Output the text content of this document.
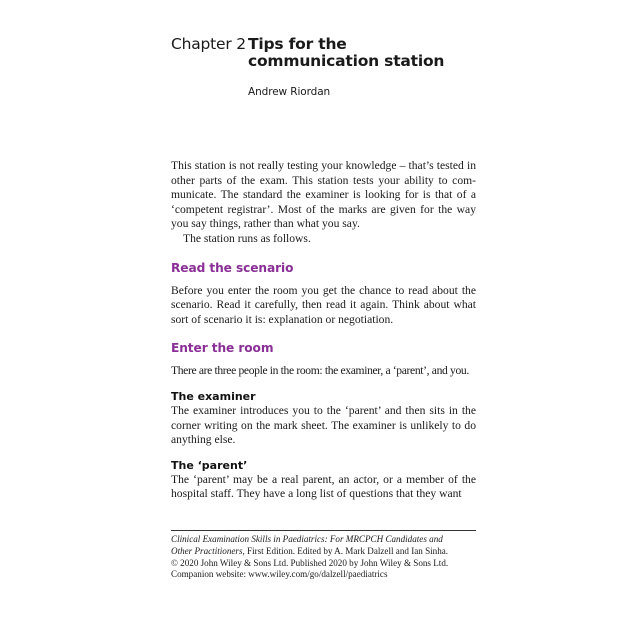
Chapter 2 Tips for the communication station
Andrew Riordan

This station is not really testing your knowledge – that’s tested in other parts of the exam. This station tests your ability to com-municate. The standard the examiner is looking for is that of a ‘competent registrar’. Most of the marks are given for the way you say things, rather than what you say.

The station runs as follows.

Read the scenario

Before you enter the room you get the chance to read about the scenario. Read it carefully, then read it again. Think about what sort of scenario it is: explanation or negotiation.

Enter the room

There are three people in the room: the examiner, a ‘parent’, and you.

The examiner

The examiner introduces you to the ‘parent’ and then sits in the corner writing on the mark sheet. The examiner is unlikely to do anything else.

The ‘parent’

The ‘parent’ may be a real parent, an actor, or a member of the hospital staff. They have a long list of questions that they want

Clinical Examination Skills in Paediatrics: For MRCPCH Candidates and
Other Practitioners, First Edition. Edited by A. Mark Dalzell and Ian Sinha.
© 2020 John Wiley & Sons Ltd. Published 2020 by John Wiley & Sons Ltd.
Companion website: www.wiley.com/go/dalzell/paediatrics
